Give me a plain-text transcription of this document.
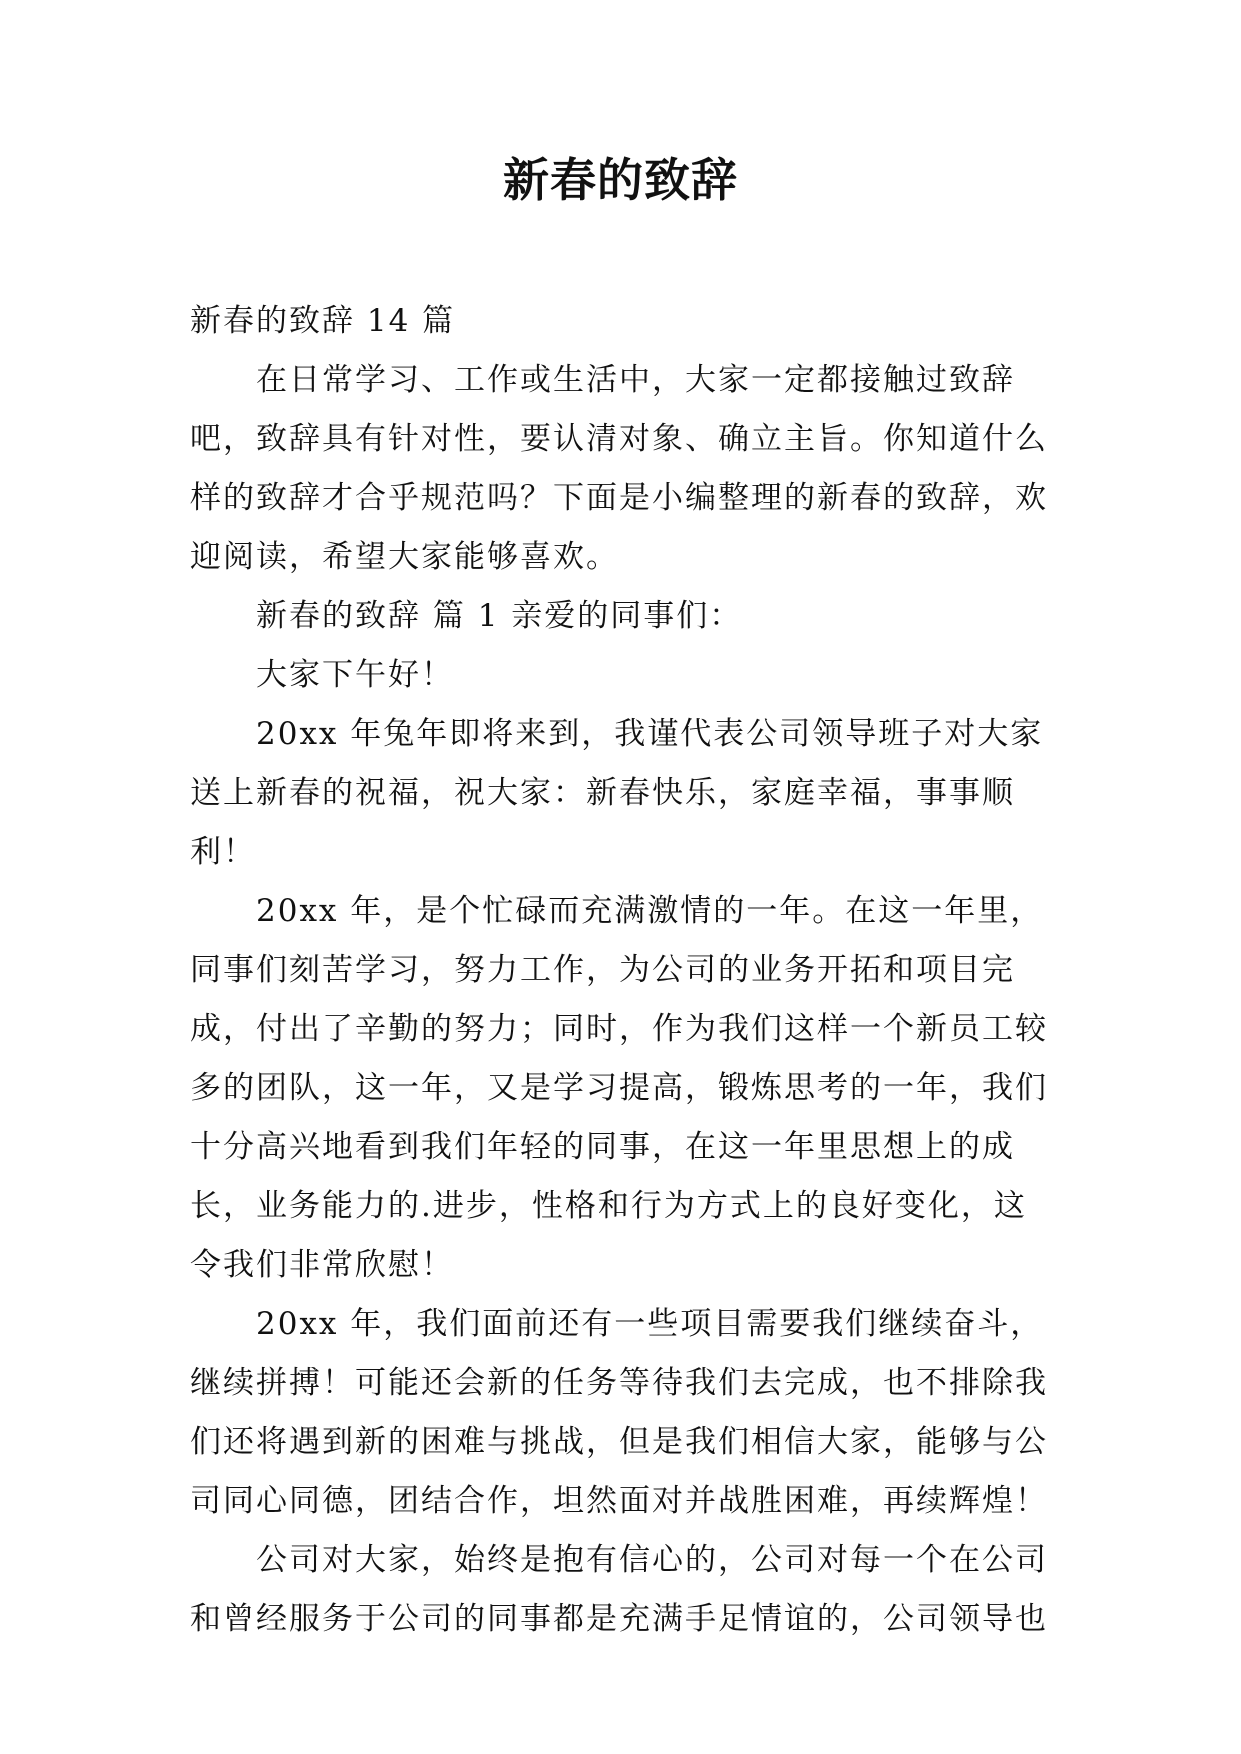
新春的致辞

新春的致辞 14 篇

在日常学习、工作或生活中，大家一定都接触过致辞吧，致辞具有针对性，要认清对象、确立主旨。你知道什么样的致辞才合乎规范吗？下面是小编整理的新春的致辞，欢迎阅读，希望大家能够喜欢。

新春的致辞 篇 1 亲爱的同事们：

大家下午好！

20xx 年兔年即将来到，我谨代表公司领导班子对大家送上新春的祝福，祝大家：新春快乐，家庭幸福，事事顺利！

20xx 年，是个忙碌而充满激情的一年。在这一年里，同事们刻苦学习，努力工作，为公司的业务开拓和项目完成，付出了辛勤的努力；同时，作为我们这样一个新员工较多的团队，这一年，又是学习提高，锻炼思考的一年，我们十分高兴地看到我们年轻的同事，在这一年里思想上的成长，业务能力的.进步，性格和行为方式上的良好变化，这令我们非常欣慰！

20xx 年，我们面前还有一些项目需要我们继续奋斗，继续拼搏！可能还会新的任务等待我们去完成，也不排除我们还将遇到新的困难与挑战，但是我们相信大家，能够与公司同心同德，团结合作，坦然面对并战胜困难，再续辉煌！

公司对大家，始终是抱有信心的，公司对每一个在公司和曾经服务于公司的同事都是充满手足情谊的，公司领导也
